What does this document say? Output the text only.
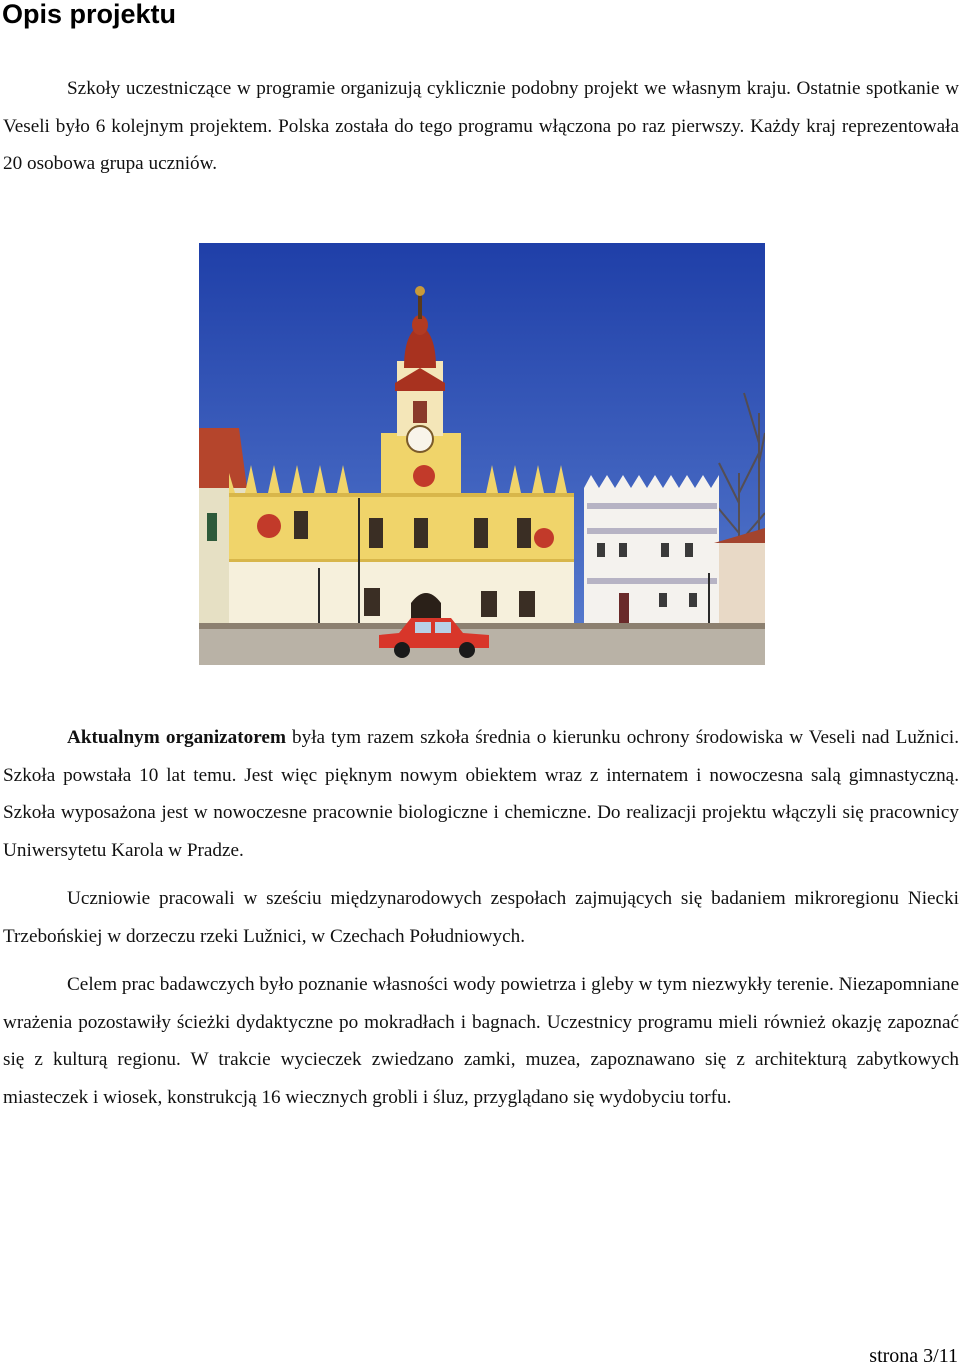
Opis projektu

Szkoły uczestniczące w programie organizują cyklicznie podobny projekt we własnym kraju. Ostatnie spotkanie w Veseli było 6 kolejnym projektem. Polska została do tego programu włączona po raz pierwszy. Każdy kraj reprezentowała 20 osobowa grupa uczniów.

Aktualnym organizatorem była tym razem szkoła średnia o kierunku ochrony środowiska w Veseli nad Lužnici. Szkoła powstała 10 lat temu. Jest więc pięknym nowym obiektem wraz z internatem i nowoczesna salą gimnastyczną. Szkoła wyposażona jest w nowoczesne pracownie biologiczne i chemiczne. Do realizacji projektu włączyli się pracownicy Uniwersytetu Karola w Pradze.

Uczniowie pracowali w sześciu międzynarodowych zespołach zajmujących się badaniem mikroregionu Niecki Trzebońskiej w dorzeczu rzeki Lužnici, w Czechach Południowych.

Celem prac badawczych było poznanie własności wody powietrza i gleby w tym niezwykły terenie. Niezapomniane wrażenia pozostawiły ścieżki dydaktyczne po mokradłach i bagnach. Uczestnicy programu mieli również okazję zapoznać się z kulturą regionu. W trakcie wycieczek zwiedzano zamki, muzea, zapoznawano się z architekturą zabytkowych miasteczek i wiosek, konstrukcją 16 wiecznych grobli i śluz, przyglądano się wydobyciu torfu.

strona 3/11
